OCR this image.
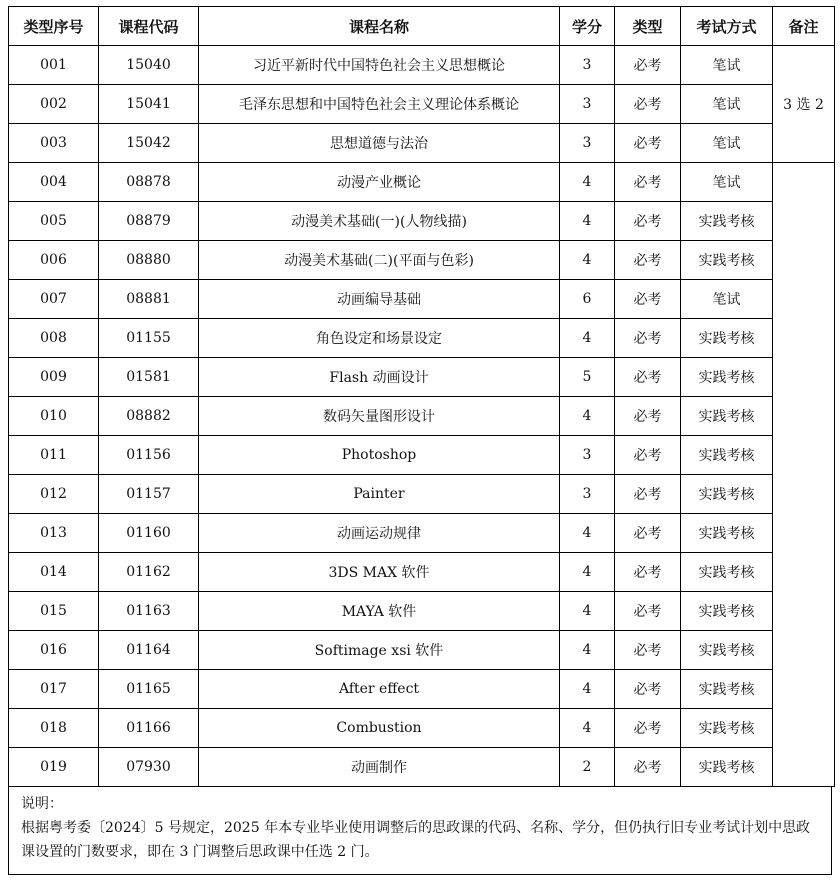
类型序号	课程代码	课程名称	学分	类型	考试方式	备注
001	15040	习近平新时代中国特色社会主义思想概论	3	必考	笔试	3 选 2
002	15041	毛泽东思想和中国特色社会主义理论体系概论	3	必考	笔试	
003	15042	思想道德与法治	3	必考	笔试	
004	08878	动漫产业概论	4	必考	笔试	
005	08879	动漫美术基础(一)(人物线描)	4	必考	实践考核	
006	08880	动漫美术基础(二)(平面与色彩)	4	必考	实践考核	
007	08881	动画编导基础	6	必考	笔试	
008	01155	角色设定和场景设定	4	必考	实践考核	
009	01581	Flash 动画设计	5	必考	实践考核	
010	08882	数码矢量图形设计	4	必考	实践考核	
011	01156	Photoshop	3	必考	实践考核	
012	01157	Painter	3	必考	实践考核	
013	01160	动画运动规律	4	必考	实践考核	
014	01162	3DS MAX 软件	4	必考	实践考核	
015	01163	MAYA 软件	4	必考	实践考核	
016	01164	Softimage xsi 软件	4	必考	实践考核	
017	01165	After effect	4	必考	实践考核	
018	01166	Combustion	4	必考	实践考核	
019	07930	动画制作	2	必考	实践考核	

说明：

根据粤考委〔2024〕5 号规定，2025 年本专业毕业使用调整后的思政课的代码、名称、学分，但仍执行旧专业考试计划中思政课设置的门数要求，即在 3 门调整后思政课中任选 2 门。
